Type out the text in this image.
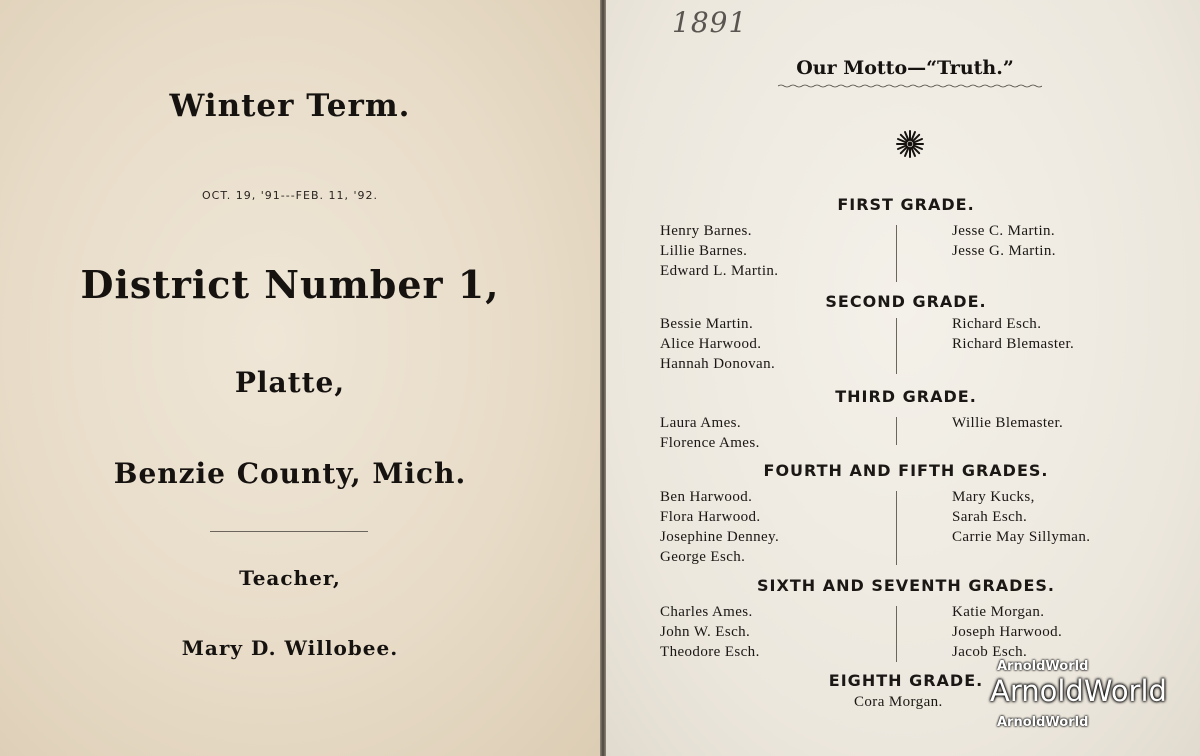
Winter Term.
OCT. 19, '91---FEB. 11, '92.
District Number 1,
Platte,
Benzie County, Mich.
Teacher,
Mary D. Willobee.
1891
Our Motto—“Truth.”
FIRST GRADE.
Henry Barnes.
Lillie Barnes.
Edward L. Martin.
Jesse C. Martin.
Jesse G. Martin.
SECOND GRADE.
Bessie Martin.
Alice Harwood.
Hannah Donovan.
Richard Esch.
Richard Blemaster.
THIRD GRADE.
Laura Ames.
Florence Ames.
Willie Blemaster.
FOURTH AND FIFTH GRADES.
Ben Harwood.
Flora Harwood.
Josephine Denney.
George Esch.
Mary Kucks,
Sarah Esch.
Carrie May Sillyman.
SIXTH AND SEVENTH GRADES.
Charles Ames.
John W. Esch.
Theodore Esch.
Katie Morgan.
Joseph Harwood.
Jacob Esch.
EIGHTH GRADE.
Cora Morgan.
ArnoldWorld
ArnoldWorld
ArnoldWorld
